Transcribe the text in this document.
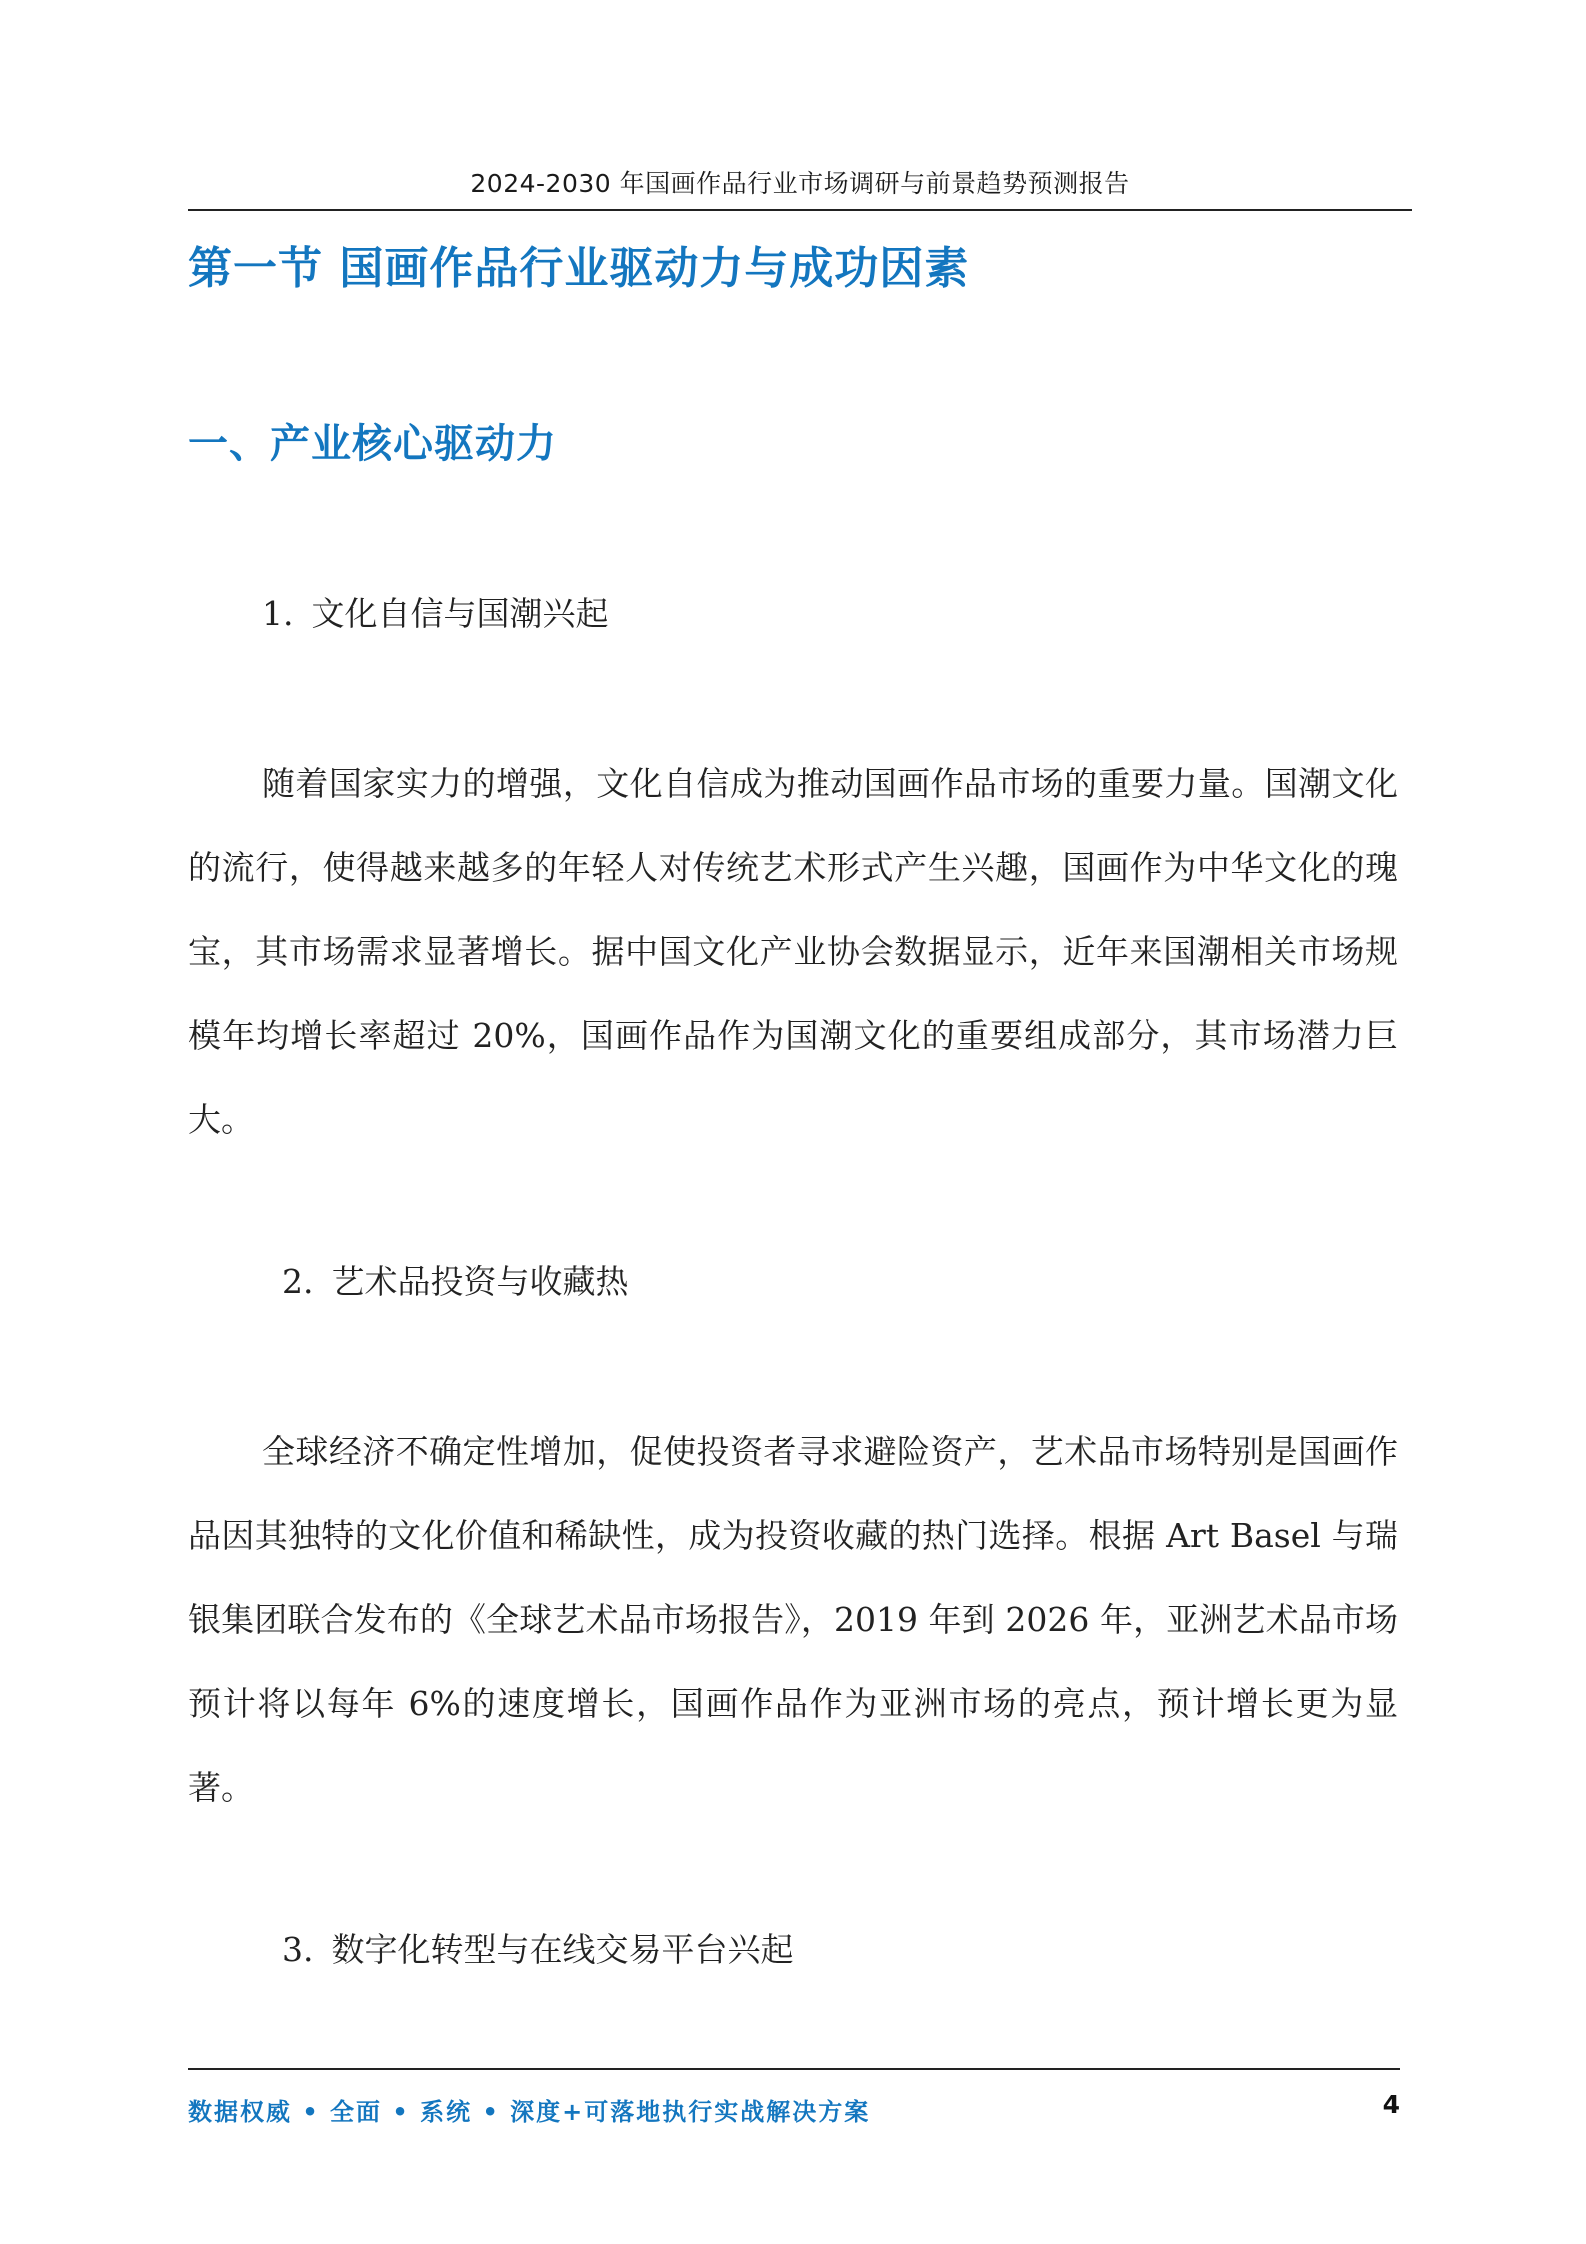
2024-2030 年国画作品行业市场调研与前景趋势预测报告
第一节 国画作品行业驱动力与成功因素
一、产业核心驱动力
1. 文化自信与国潮兴起

随着国家实力的增强，文化自信成为推动国画作品市场的重要力量。国潮文化的流行，使得越来越多的年轻人对传统艺术形式产生兴趣，国画作为中华文化的瑰宝，其市场需求显著增长。据中国文化产业协会数据显示，近年来国潮相关市场规模年均增长率超过 20%，国画作品作为国潮文化的重要组成部分，其市场潜力巨大。

2. 艺术品投资与收藏热

全球经济不确定性增加，促使投资者寻求避险资产，艺术品市场特别是国画作品因其独特的文化价值和稀缺性，成为投资收藏的热门选择。根据 Art Basel 与瑞银集团联合发布的《全球艺术品市场报告》，2019 年到 2026 年，亚洲艺术品市场预计将以每年 6%的速度增长，国画作品作为亚洲市场的亮点，预计增长更为显著。

3. 数字化转型与在线交易平台兴起
数据权威 • 全面 • 系统 • 深度+可落地执行实战解决方案	4
